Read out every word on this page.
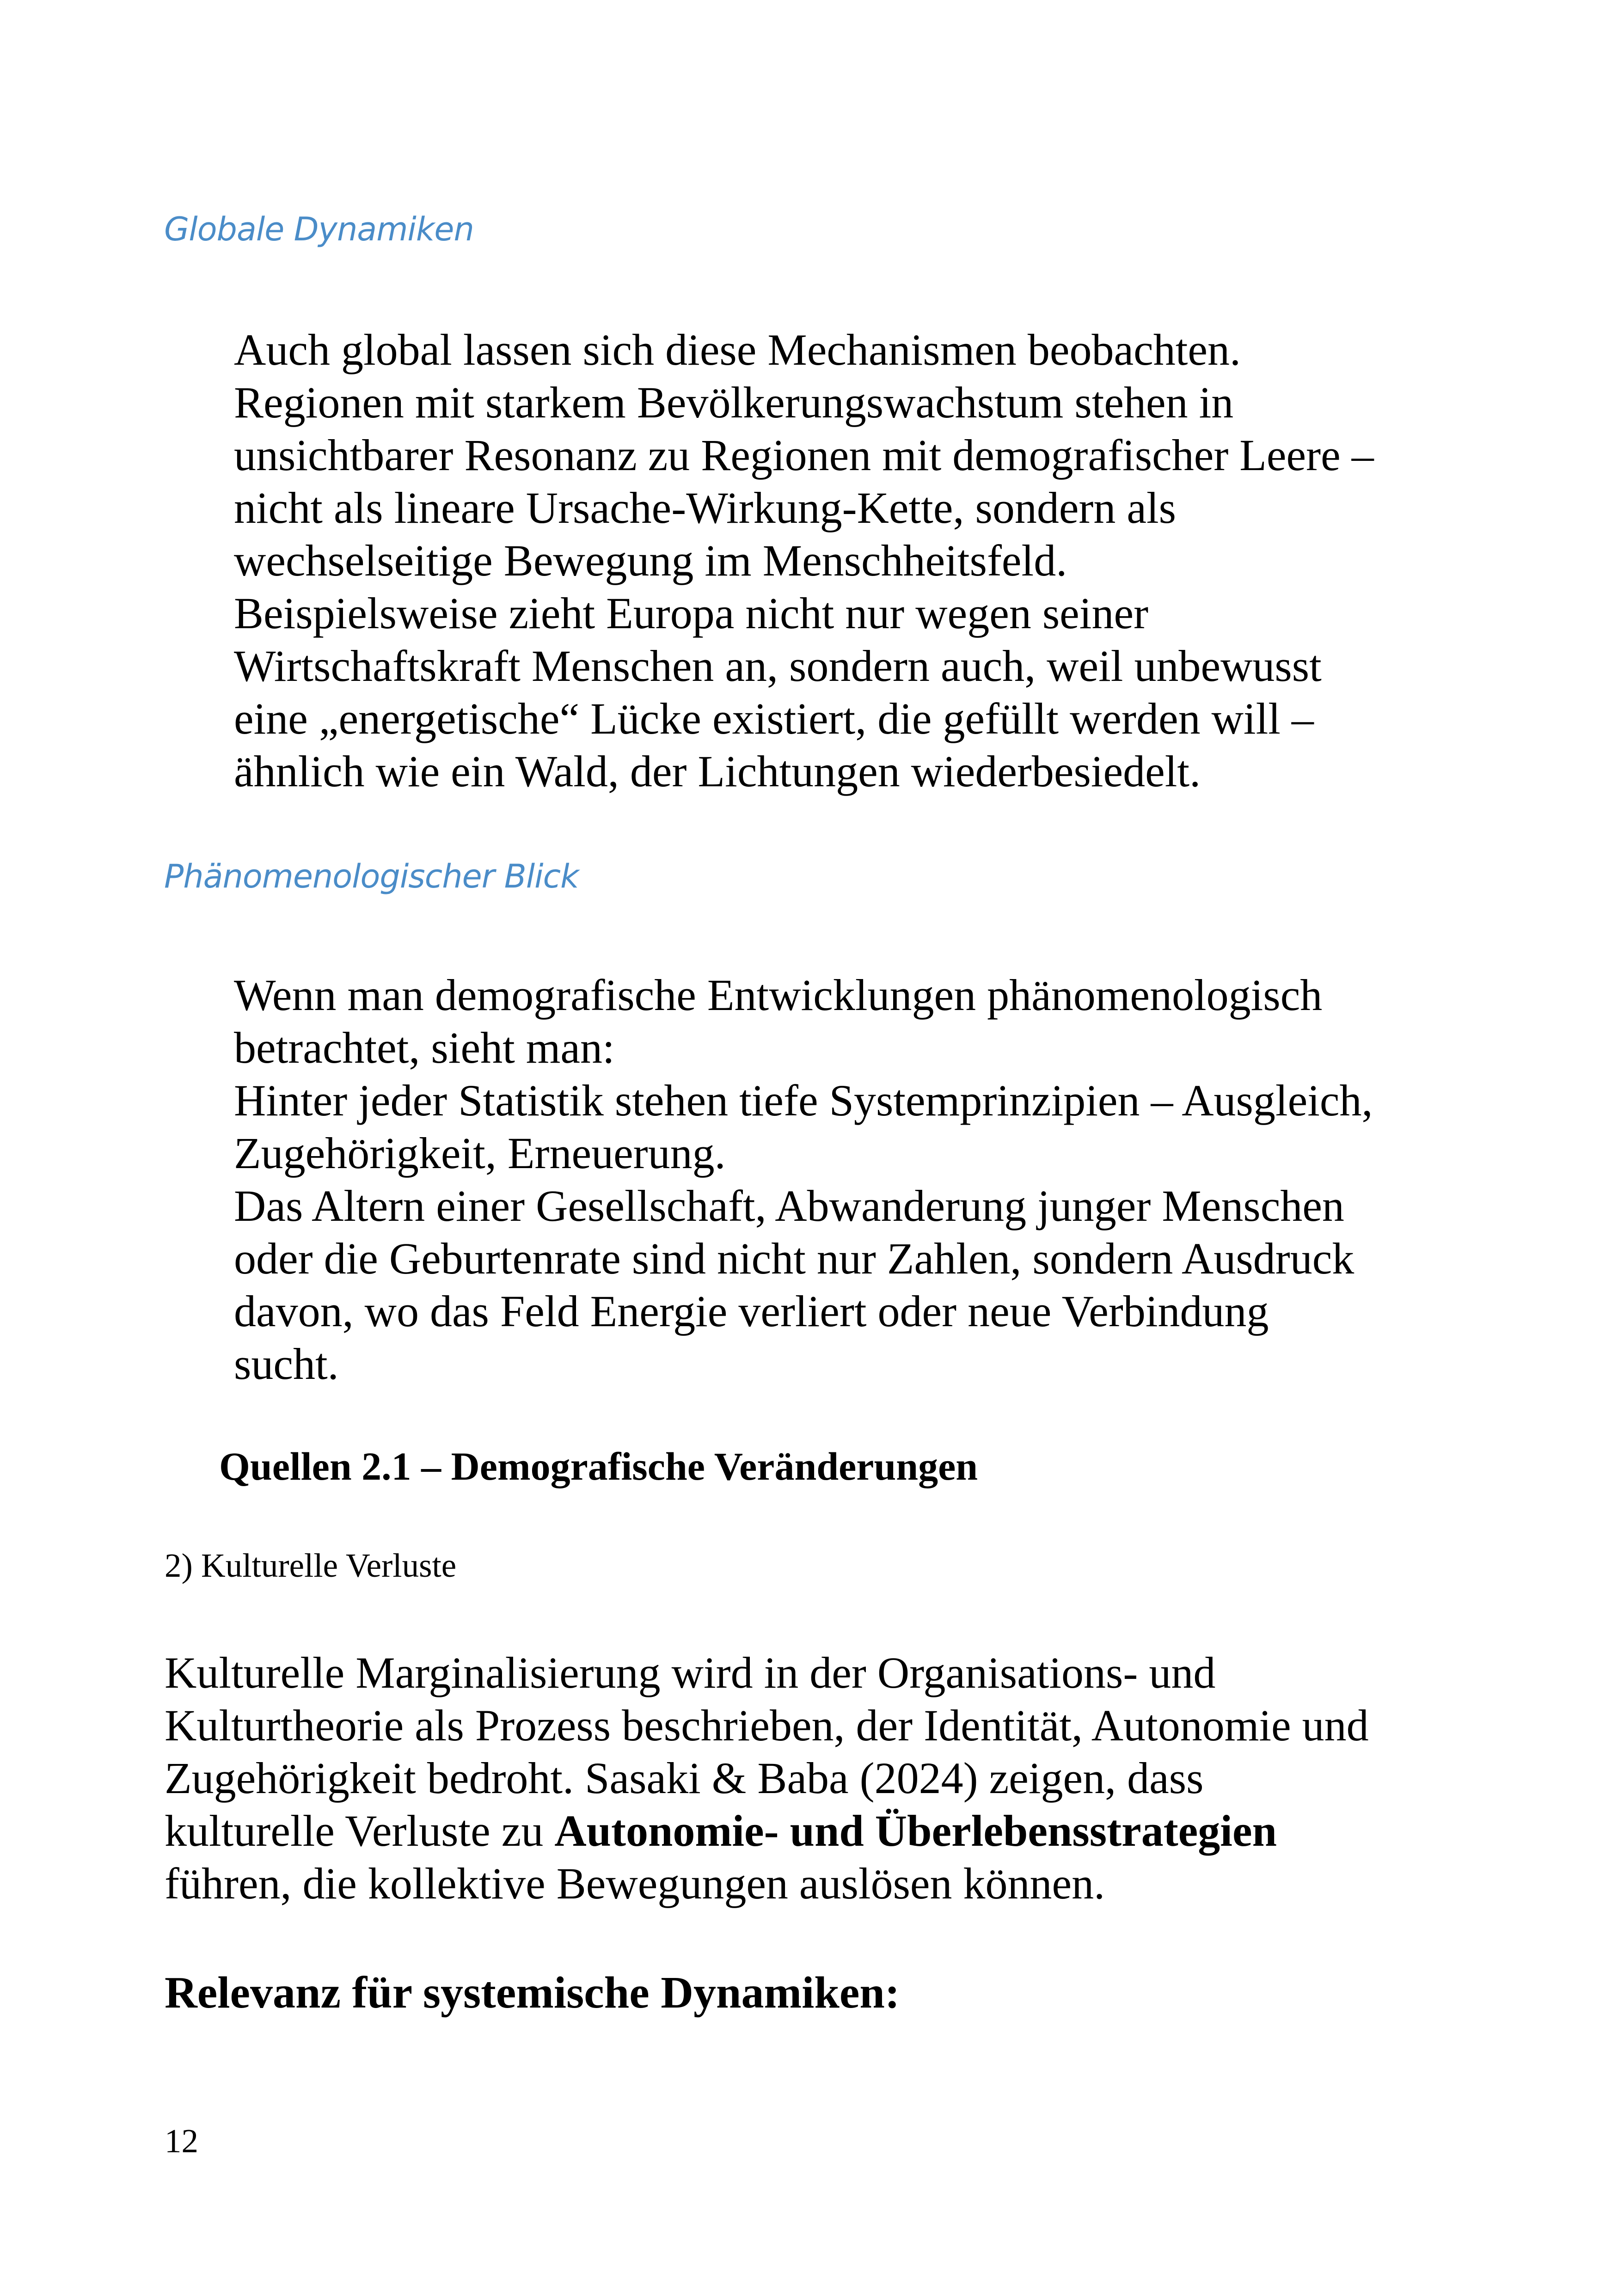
Globale Dynamiken
Auch global lassen sich diese Mechanismen beobachten.
Regionen mit starkem Bevölkerungswachstum stehen in
unsichtbarer Resonanz zu Regionen mit demografischer Leere –
nicht als lineare Ursache-Wirkung-Kette, sondern als
wechselseitige Bewegung im Menschheitsfeld.
Beispielsweise zieht Europa nicht nur wegen seiner
Wirtschaftskraft Menschen an, sondern auch, weil unbewusst
eine „energetische“ Lücke existiert, die gefüllt werden will –
ähnlich wie ein Wald, der Lichtungen wiederbesiedelt.
Phänomenologischer Blick
Wenn man demografische Entwicklungen phänomenologisch
betrachtet, sieht man:
Hinter jeder Statistik stehen tiefe Systemprinzipien – Ausgleich,
Zugehörigkeit, Erneuerung.
Das Altern einer Gesellschaft, Abwanderung junger Menschen
oder die Geburtenrate sind nicht nur Zahlen, sondern Ausdruck
davon, wo das Feld Energie verliert oder neue Verbindung
sucht.
Quellen 2.1 – Demografische Veränderungen
2) Kulturelle Verluste
Kulturelle Marginalisierung wird in der Organisations- und
Kulturtheorie als Prozess beschrieben, der Identität, Autonomie und
Zugehörigkeit bedroht. Sasaki & Baba (2024) zeigen, dass
kulturelle Verluste zu Autonomie- und Überlebensstrategien
führen, die kollektive Bewegungen auslösen können.
Relevanz für systemische Dynamiken:
12
